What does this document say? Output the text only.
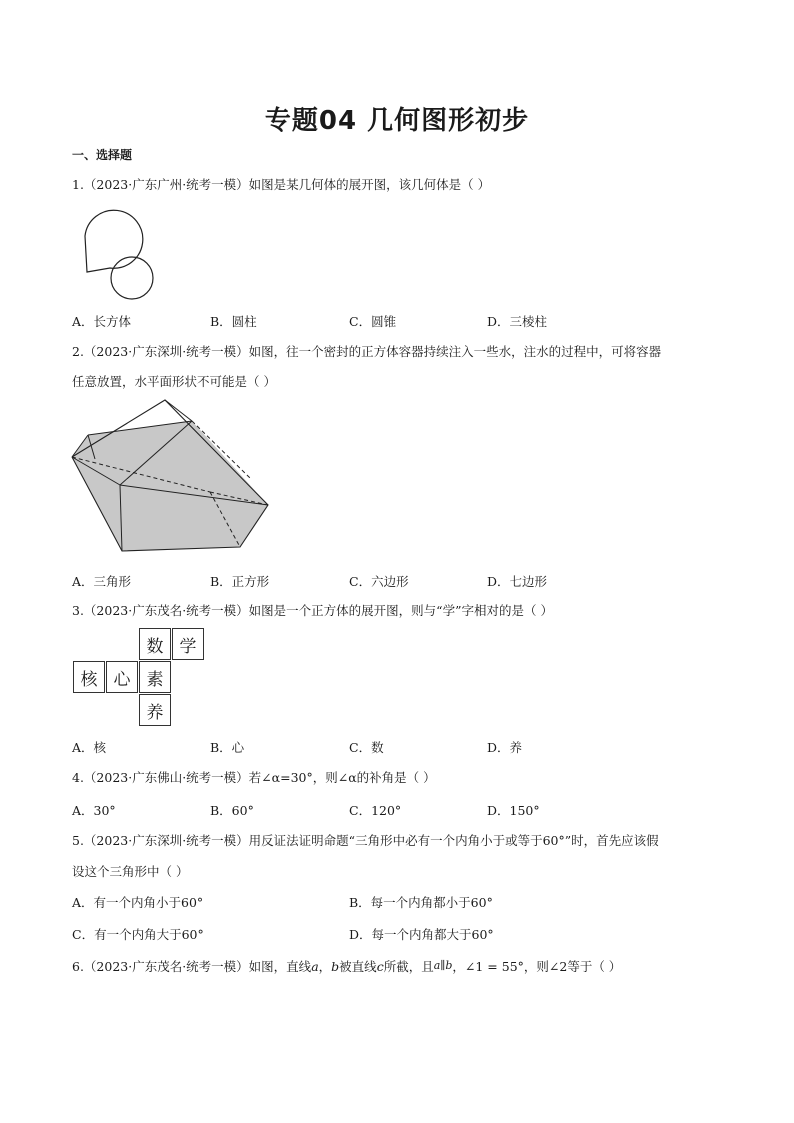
专题04 几何图形初步
一、选择题
1.（2023·广东广州·统考一模）如图是某几何体的展开图，该几何体是（ ）
A．长方体	B．圆柱	C．圆锥	D．三棱柱
2.（2023·广东深圳·统考一模）如图，往一个密封的正方体容器持续注入一些水，注水的过程中，可将容器
任意放置，水平面形状不可能是（ ）
A．三角形	B．正方形	C．六边形	D．七边形
3.（2023·广东茂名·统考一模）如图是一个正方体的展开图，则与“学”字相对的是（ ）
数 学
核 心 素
养
A．核	B．心	C．数	D．养
4.（2023·广东佛山·统考一模）若∠α=30°，则∠α的补角是（ ）
A．30°	B．60°	C．120°	D．150°
5.（2023·广东深圳·统考一模）用反证法证明命题“三角形中必有一个内角小于或等于60°”时，首先应该假
设这个三角形中（ ）
A．有一个内角小于60°	B．每一个内角都小于60°
C．有一个内角大于60°	D．每一个内角都大于60°
6.（2023·广东茂名·统考一模）如图，直线a，b被直线c所截，且a∥b，∠1 = 55°，则∠2等于（ ）
